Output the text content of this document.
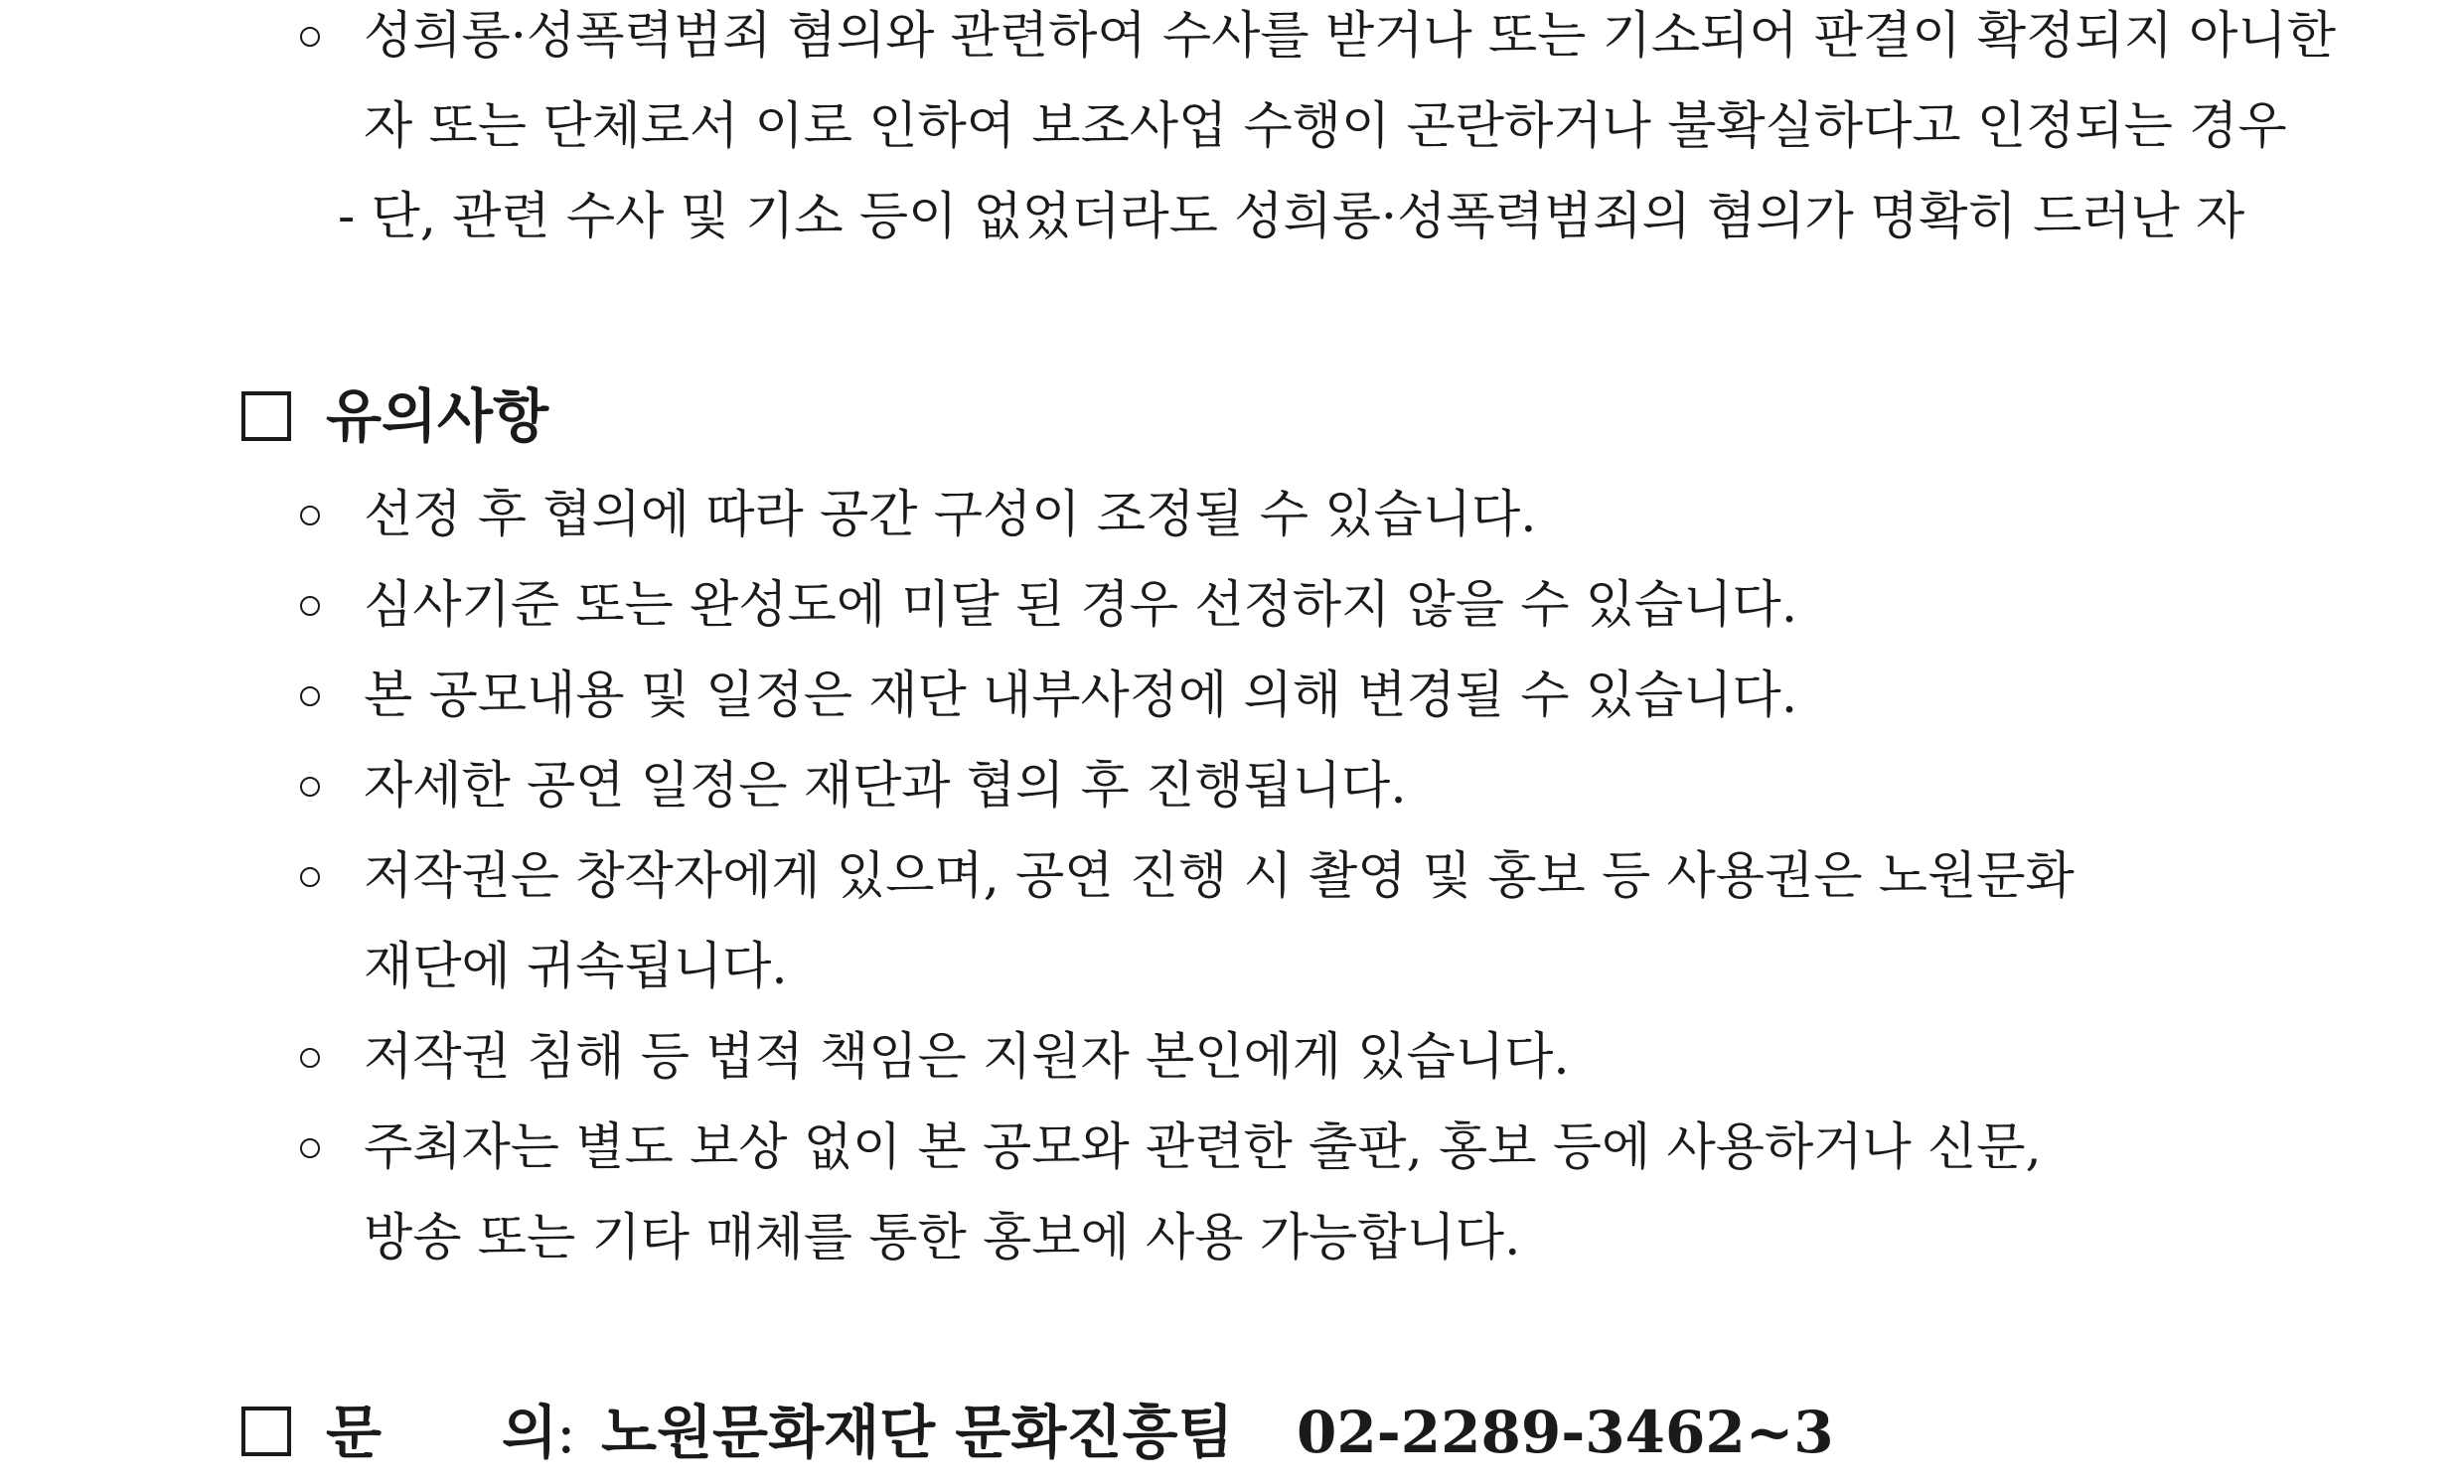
성희롱·성폭력범죄 혐의와 관련하여 수사를 받거나 또는 기소되어 판결이 확정되지 아니한
자 또는 단체로서 이로 인하여 보조사업 수행이 곤란하거나 불확실하다고 인정되는 경우
- 단, 관련 수사 및 기소 등이 없었더라도 성희롱·성폭력범죄의 혐의가 명확히 드러난 자
유의사항
선정 후 협의에 따라 공간 구성이 조정될 수 있습니다.
심사기준 또는 완성도에 미달 된 경우 선정하지 않을 수 있습니다.
본 공모내용 및 일정은 재단 내부사정에 의해 변경될 수 있습니다.
자세한 공연 일정은 재단과 협의 후 진행됩니다.
저작권은 창작자에게 있으며, 공연 진행 시 촬영 및 홍보 등 사용권은 노원문화
재단에 귀속됩니다.
저작권 침해 등 법적 책임은 지원자 본인에게 있습니다.
주최자는 별도 보상 없이 본 공모와 관련한 출판, 홍보 등에 사용하거나 신문,
방송 또는 기타 매체를 통한 홍보에 사용 가능합니다.
문 의
: 노원문화재단 문화진흥팀 02-2289-3462~3
